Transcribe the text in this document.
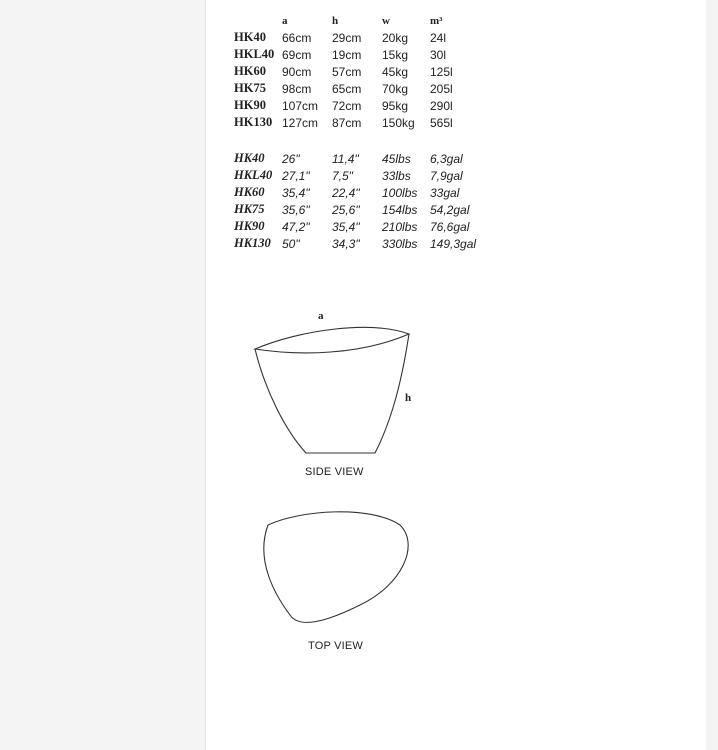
	a	h	w	m³
HK40	66cm	29cm	20kg	24l
HKL40	69cm	19cm	15kg	30l
HK60	90cm	57cm	45kg	125l
HK75	98cm	65cm	70kg	205l
HK90	107cm	72cm	95kg	290l
HK130	127cm	87cm	150kg	565l
HK40	26"	11,4"	45lbs	6,3gal
HKL40	27,1"	7,5"	33lbs	7,9gal
HK60	35,4"	22,4"	100lbs	33gal
HK75	35,6"	25,6"	154lbs	54,2gal
HK90	47,2"	35,4"	210lbs	76,6gal
HK130	50"	34,3"	330lbs	149,3gal
a
h
SIDE VIEW
TOP VIEW
